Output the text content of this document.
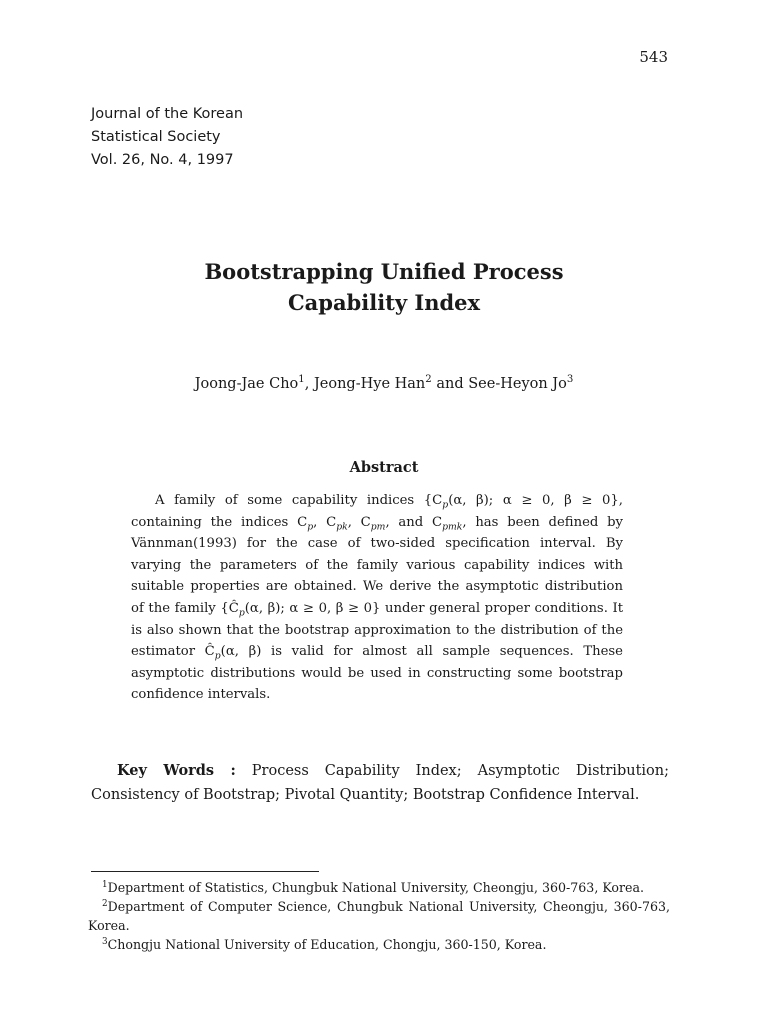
543
Journal of the Korean
Statistical Society
Vol. 26, No. 4, 1997
Bootstrapping Unified Process
Capability Index
Joong-Jae Cho$^1$, Jeong-Hye Han$^2$ and See-Heyon Jo$^3$
Abstract
A family of some capability indices {$C_p(\alpha$, β); α ≥ 0, β ≥ 0}, containing the indices $C_p$, $C_{pk}$, $C_{pm}$, and $C_{pmk}$, has been defined by Vännman(1993) for the case of two-sided specification interval. By varying the parameters of the family various capability indices with suitable properties are obtained. We derive the asymptotic distribution of the family {$Ĉ_p(\alpha$, β); α ≥ 0, β ≥ 0} under general proper conditions. It is also shown that the bootstrap approximation to the distribution of the estimator $Ĉ_p(\alpha$, β) is valid for almost all sample sequences. These asymptotic distributions would be used in constructing some bootstrap confidence intervals.
Key Words : Process Capability Index; Asymptotic Distribution; Consistency of Bootstrap; Pivotal Quantity; Bootstrap Confidence Interval.
$^1$Department of Statistics, Chungbuk National University, Cheongju, 360-763, Korea.
$^2$Department of Computer Science, Chungbuk National University, Cheongju, 360-763, Korea.
$^3$Chongju National University of Education, Chongju, 360-150, Korea.
